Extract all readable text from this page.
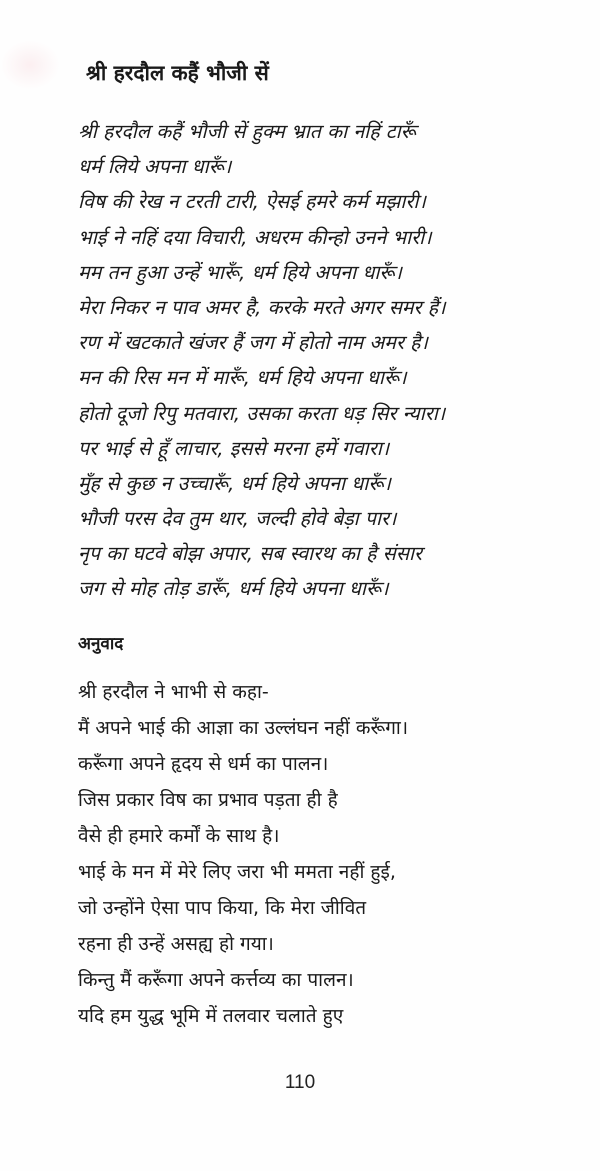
श्री हरदौल कहैं भौजी सें
श्री हरदौल कहैं भौजी सें हुक्म भ्रात का नहिं टारूँ
धर्म लिये अपना धारूँ।
विष की रेख न टरती टारी, ऐसई हमरे कर्म मझारी।
भाई ने नहिं दया विचारी, अधरम कीन्हो उनने भारी।
मम तन हुआ उन्हें भारूँ, धर्म हिये अपना धारूँ।
मेरा निकर न पाव अमर है, करके मरते अगर समर हैं।
रण में खटकाते खंजर हैं जग में होतो नाम अमर है।
मन की रिस मन में मारूँ, धर्म हिये अपना धारूँ।
होतो दूजो रिपु मतवारा, उसका करता धड़ सिर न्यारा।
पर भाई से हूँ लाचार, इससे मरना हमें गवारा।
मुँह से कुछ न उच्चारूँ, धर्म हिये अपना धारूँ।
भौजी परस देव तुम थार, जल्दी होवे बेड़ा पार।
नृप का घटवे बोझ अपार, सब स्वारथ का है संसार
जग से मोह तोड़ डारूँ, धर्म हिये अपना धारूँ।
अनुवाद
श्री हरदौल ने भाभी से कहा-
मैं अपने भाई की आज्ञा का उल्लंघन नहीं करूँगा।
करूँगा अपने हृदय से धर्म का पालन।
जिस प्रकार विष का प्रभाव पड़ता ही है
वैसे ही हमारे कर्मों के साथ है।
भाई के मन में मेरे लिए जरा भी ममता नहीं हुई,
जो उन्होंने ऐसा पाप किया, कि मेरा जीवित
रहना ही उन्हें असह्य हो गया।
किन्तु मैं करूँगा अपने कर्त्तव्य का पालन।
यदि हम युद्ध भूमि में तलवार चलाते हुए
110
